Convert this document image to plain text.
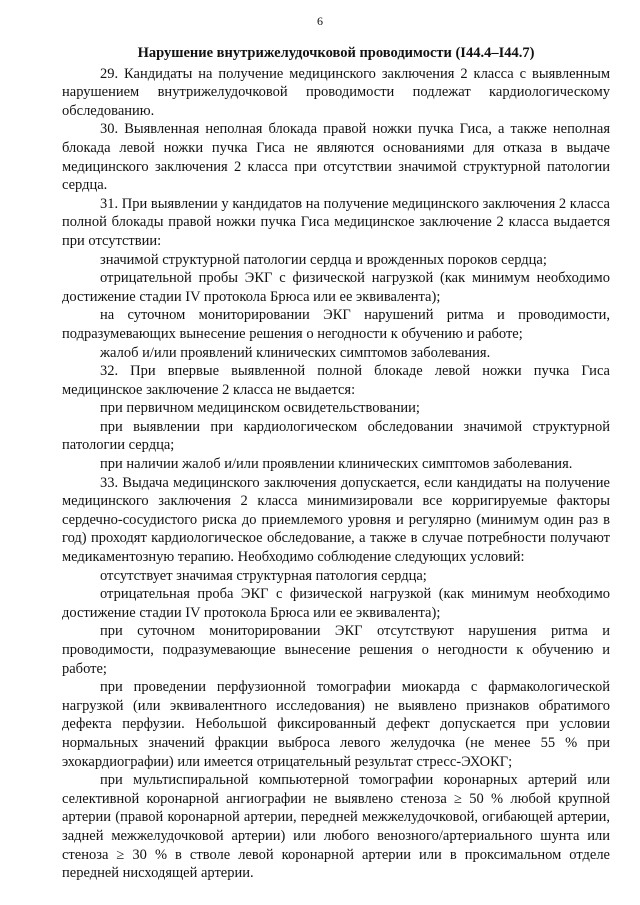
6

Нарушение внутрижелудочковой проводимости (I44.4–I44.7)

29. Кандидаты на получение медицинского заключения 2 класса с выявленным нарушением внутрижелудочковой проводимости подлежат кардиологическому обследованию.

30. Выявленная неполная блокада правой ножки пучка Гиса, а также неполная блокада левой ножки пучка Гиса не являются основаниями для отказа в выдаче медицинского заключения 2 класса при отсутствии значимой структурной патологии сердца.

31. При выявлении у кандидатов на получение медицинского заключения 2 класса полной блокады правой ножки пучка Гиса медицинское заключение 2 класса выдается при отсутствии:

значимой структурной патологии сердца и врожденных пороков сердца;

отрицательной пробы ЭКГ с физической нагрузкой (как минимум необходимо достижение стадии IV протокола Брюса или ее эквивалента);

на суточном мониторировании ЭКГ нарушений ритма и проводимости, подразумевающих вынесение решения о негодности к обучению и работе;

жалоб и/или проявлений клинических симптомов заболевания.

32. При впервые выявленной полной блокаде левой ножки пучка Гиса медицинское заключение 2 класса не выдается:

при первичном медицинском освидетельствовании;

при выявлении при кардиологическом обследовании значимой структурной патологии сердца;

при наличии жалоб и/или проявлении клинических симптомов заболевания.

33. Выдача медицинского заключения допускается, если кандидаты на получение медицинского заключения 2 класса минимизировали все корригируемые факторы сердечно-сосудистого риска до приемлемого уровня и регулярно (минимум один раз в год) проходят кардиологическое обследование, а также в случае потребности получают медикаментозную терапию. Необходимо соблюдение следующих условий:

отсутствует значимая структурная патология сердца;

отрицательная проба ЭКГ с физической нагрузкой (как минимум необходимо достижение стадии IV протокола Брюса или ее эквивалента);

при суточном мониторировании ЭКГ отсутствуют нарушения ритма и проводимости, подразумевающие вынесение решения о негодности к обучению и работе;

при проведении перфузионной томографии миокарда с фармакологической нагрузкой (или эквивалентного исследования) не выявлено признаков обратимого дефекта перфузии. Небольшой фиксированный дефект допускается при условии нормальных значений фракции выброса левого желудочка (не менее 55 % при эхокардиографии) или имеется отрицательный результат стресс-ЭХОКГ;

при мультиспиральной компьютерной томографии коронарных артерий или селективной коронарной ангиографии не выявлено стеноза ≥ 50 % любой крупной артерии (правой коронарной артерии, передней межжелудочковой, огибающей артерии, задней межжелудочковой артерии) или любого венозного/артериального шунта или стеноза ≥ 30 % в стволе левой коронарной артерии или в проксимальном отделе передней нисходящей артерии.
